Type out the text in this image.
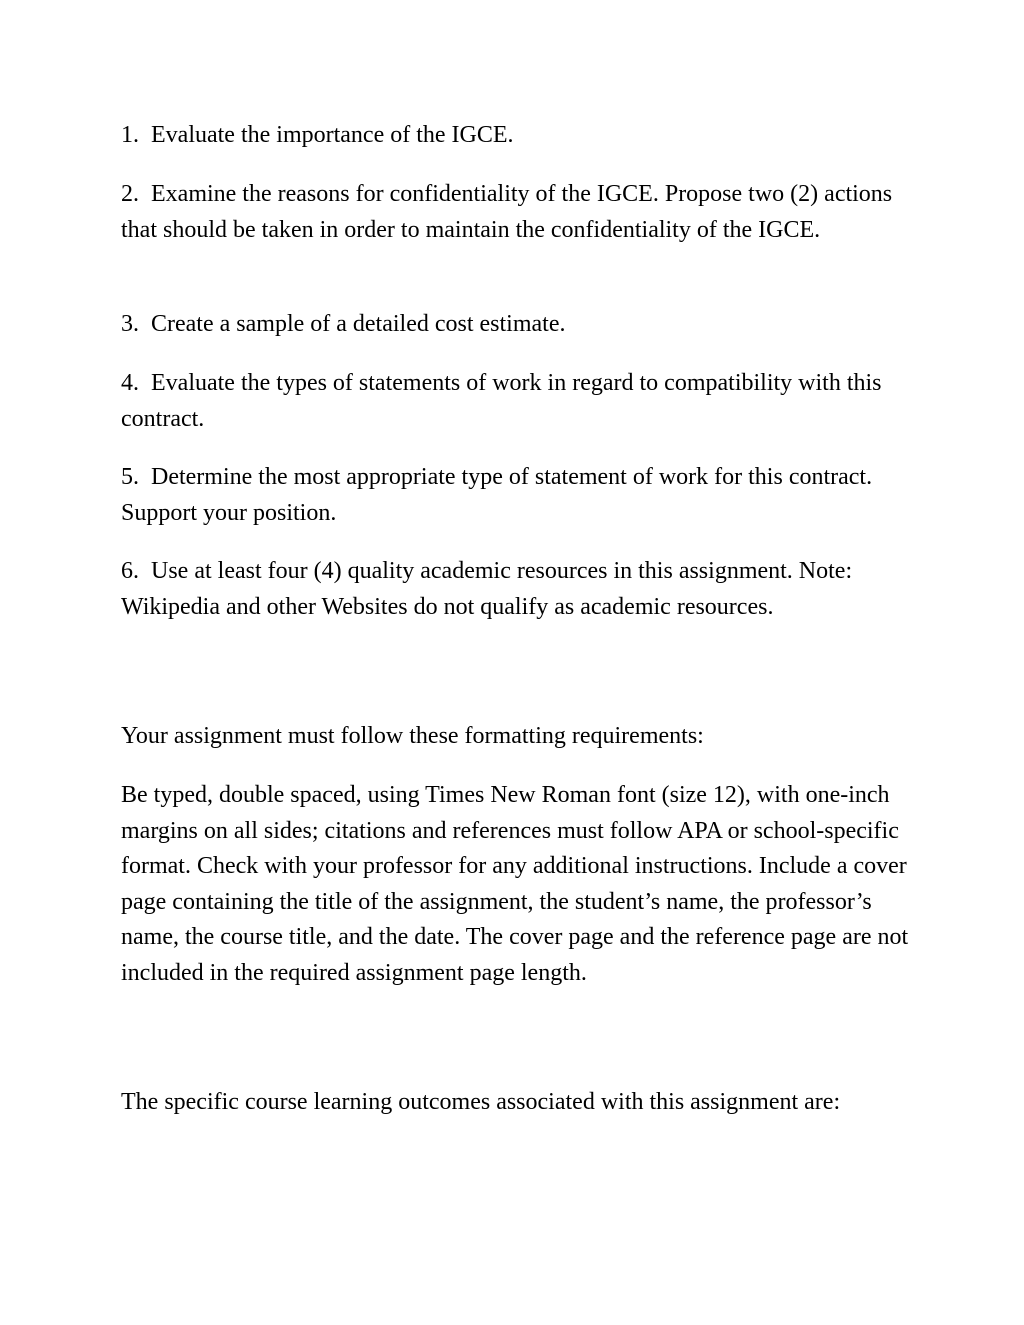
1.  Evaluate the importance of the IGCE.

2.  Examine the reasons for confidentiality of the IGCE. Propose two (2) actions that should be taken in order to maintain the confidentiality of the IGCE.

3.  Create a sample of a detailed cost estimate.

4.  Evaluate the types of statements of work in regard to compatibility with this contract.

5.  Determine the most appropriate type of statement of work for this contract. Support your position.

6.  Use at least four (4) quality academic resources in this assignment. Note: Wikipedia and other Websites do not qualify as academic resources.

Your assignment must follow these formatting requirements:

Be typed, double spaced, using Times New Roman font (size 12), with one-inch margins on all sides; citations and references must follow APA or school-specific format. Check with your professor for any additional instructions. Include a cover page containing the title of the assignment, the student’s name, the professor’s name, the course title, and the date. The cover page and the reference page are not included in the required assignment page length.

The specific course learning outcomes associated with this assignment are:
